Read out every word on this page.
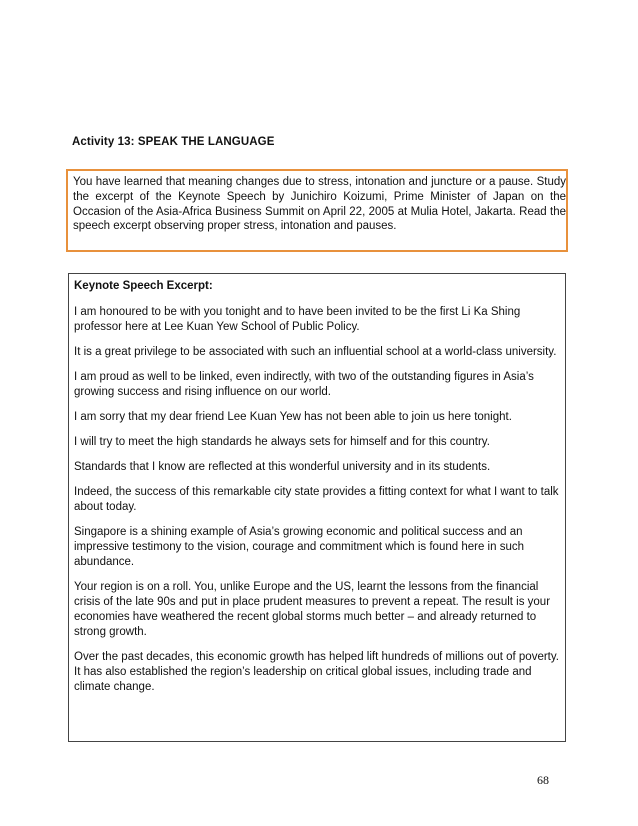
Activity 13: SPEAK THE LANGUAGE

You have learned that meaning changes due to stress, intonation and juncture or a pause. Study the excerpt of the Keynote Speech by Junichiro Koizumi, Prime Minister of Japan on the Occasion of the Asia-Africa Business Summit on April 22, 2005 at Mulia Hotel, Jakarta. Read the speech excerpt observing proper stress, intonation and pauses.

Keynote Speech Excerpt:

I am honoured to be with you tonight and to have been invited to be the first Li Ka Shing professor here at Lee Kuan Yew School of Public Policy.

It is a great privilege to be associated with such an influential school at a world-class university.

I am proud as well to be linked, even indirectly, with two of the outstanding figures in Asia’s growing success and rising influence on our world.

I am sorry that my dear friend Lee Kuan Yew has not been able to join us here tonight.

I will try to meet the high standards he always sets for himself and for this country.

Standards that I know are reflected at this wonderful university and in its students.

Indeed, the success of this remarkable city state provides a fitting context for what I want to talk about today.

Singapore is a shining example of Asia’s growing economic and political success and an impressive testimony to the vision, courage and commitment which is found here in such abundance.

Your region is on a roll. You, unlike Europe and the US, learnt the lessons from the financial crisis of the late 90s and put in place prudent measures to prevent a repeat. The result is your economies have weathered the recent global storms much better – and already returned to strong growth.

Over the past decades, this economic growth has helped lift hundreds of millions out of poverty. It has also established the region’s leadership on critical global issues, including trade and climate change.

68
